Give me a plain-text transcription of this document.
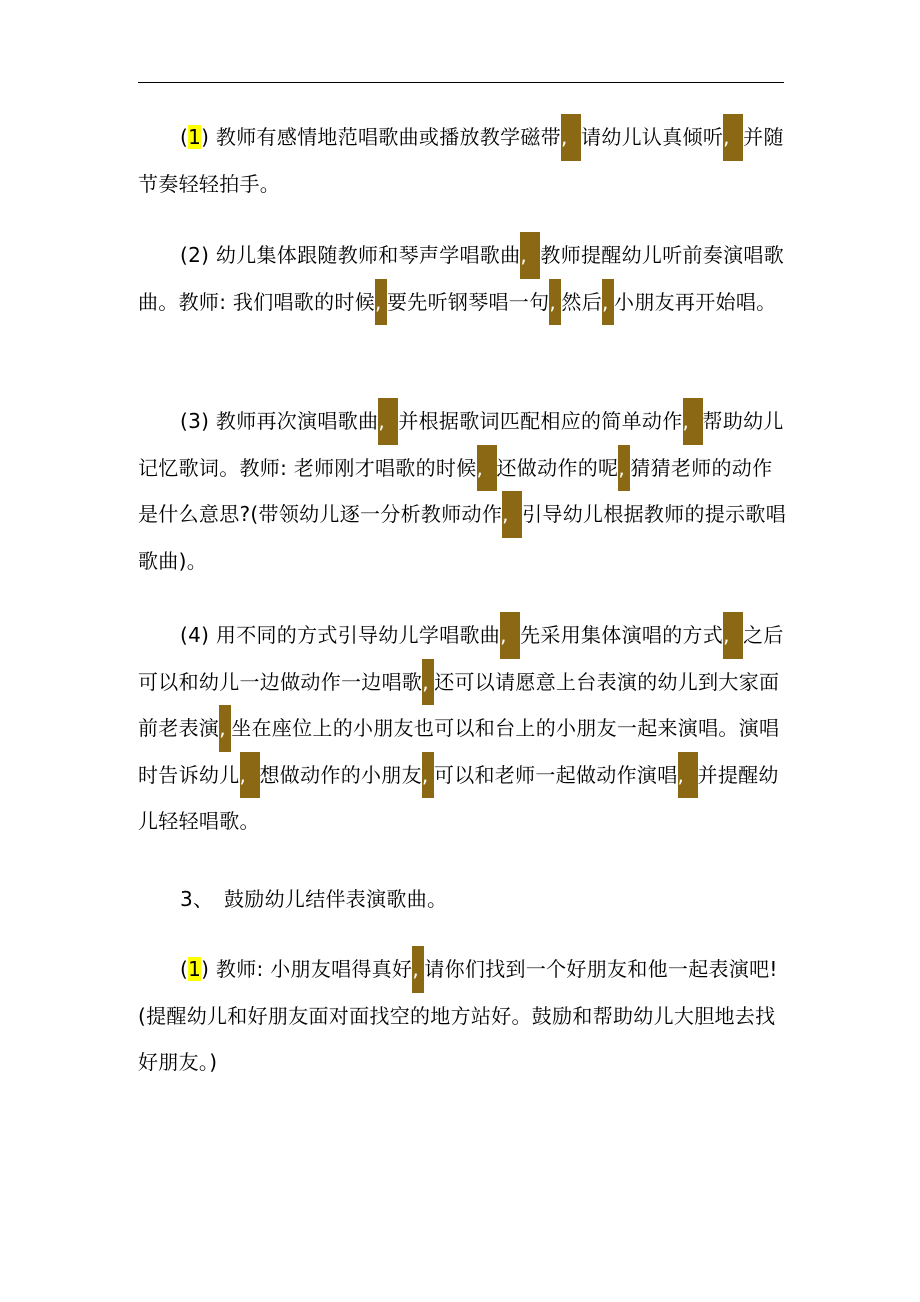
(1) 教师有感情地范唱歌曲或播放教学磁带, 请幼儿认真倾听, 并随节奏轻轻拍手。

(2) 幼儿集体跟随教师和琴声学唱歌曲, 教师提醒幼儿听前奏演唱歌曲。教师: 我们唱歌的时候, 要先听钢琴唱一句, 然后, 小朋友再开始唱。

(3) 教师再次演唱歌曲, 并根据歌词匹配相应的简单动作, 帮助幼儿记忆歌词。教师: 老师刚才唱歌的时候, 还做动作的呢, 猜猜老师的动作是什么意思?(带领幼儿逐一分析教师动作, 引导幼儿根据教师的提示歌唱歌曲)。

(4) 用不同的方式引导幼儿学唱歌曲, 先采用集体演唱的方式, 之后可以和幼儿一边做动作一边唱歌, 还可以请愿意上台表演的幼儿到大家面前老表演, 坐在座位上的小朋友也可以和台上的小朋友一起来演唱。演唱时告诉幼儿, 想做动作的小朋友, 可以和老师一起做动作演唱, 并提醒幼儿轻轻唱歌。

3、 鼓励幼儿结伴表演歌曲。

(1) 教师: 小朋友唱得真好, 请你们找到一个好朋友和他一起表演吧!(提醒幼儿和好朋友面对面找空的地方站好。鼓励和帮助幼儿大胆地去找好朋友。)
